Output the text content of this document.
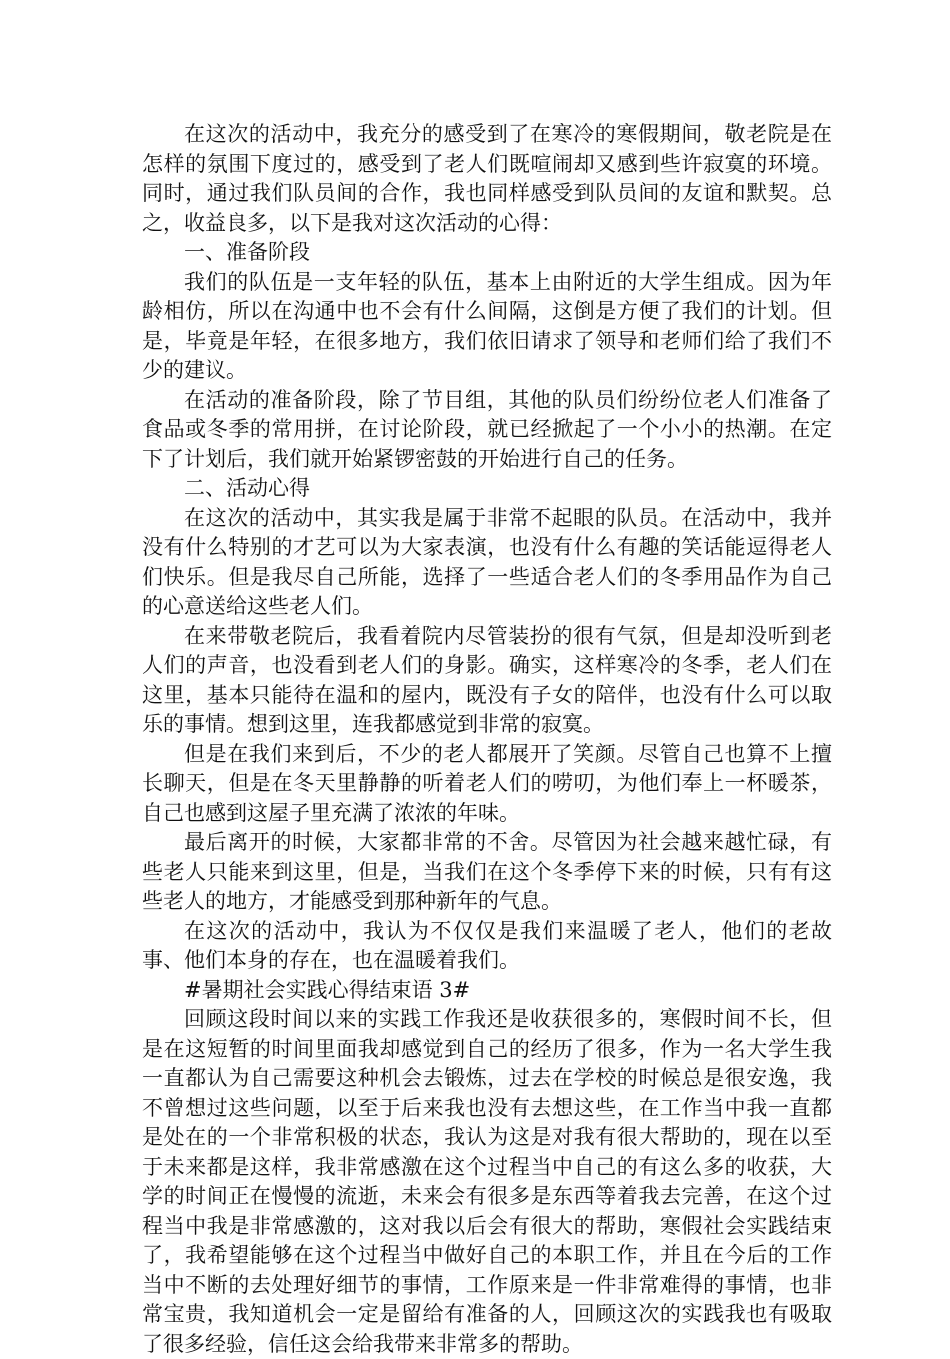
在这次的活动中，我充分的感受到了在寒冷的寒假期间，敬老院是在怎样的氛围下度过的，感受到了老人们既喧闹却又感到些许寂寞的环境。同时，通过我们队员间的合作，我也同样感受到队员间的友谊和默契。总之，收益良多，以下是我对这次活动的心得：

一、准备阶段

我们的队伍是一支年轻的队伍，基本上由附近的大学生组成。因为年龄相仿，所以在沟通中也不会有什么间隔，这倒是方便了我们的计划。但是，毕竟是年轻，在很多地方，我们依旧请求了领导和老师们给了我们不少的建议。

在活动的准备阶段，除了节目组，其他的队员们纷纷位老人们准备了食品或冬季的常用拼，在讨论阶段，就已经掀起了一个小小的热潮。在定下了计划后，我们就开始紧锣密鼓的开始进行自己的任务。

二、活动心得

在这次的活动中，其实我是属于非常不起眼的队员。在活动中，我并没有什么特别的才艺可以为大家表演，也没有什么有趣的笑话能逗得老人们快乐。但是我尽自己所能，选择了一些适合老人们的冬季用品作为自己的心意送给这些老人们。

在来带敬老院后，我看着院内尽管装扮的很有气氛，但是却没听到老人们的声音，也没看到老人们的身影。确实，这样寒冷的冬季，老人们在这里，基本只能待在温和的屋内，既没有子女的陪伴，也没有什么可以取乐的事情。想到这里，连我都感觉到非常的寂寞。

但是在我们来到后，不少的老人都展开了笑颜。尽管自己也算不上擅长聊天，但是在冬天里静静的听着老人们的唠叨，为他们奉上一杯暖茶，自己也感到这屋子里充满了浓浓的年味。

最后离开的时候，大家都非常的不舍。尽管因为社会越来越忙碌，有些老人只能来到这里，但是，当我们在这个冬季停下来的时候，只有有这些老人的地方，才能感受到那种新年的气息。

在这次的活动中，我认为不仅仅是我们来温暖了老人，他们的老故事、他们本身的存在，也在温暖着我们。

#暑期社会实践心得结束语 3#

回顾这段时间以来的实践工作我还是收获很多的，寒假时间不长，但是在这短暂的时间里面我却感觉到自己的经历了很多，作为一名大学生我一直都认为自己需要这种机会去锻炼，过去在学校的时候总是很安逸，我不曾想过这些问题，以至于后来我也没有去想这些，在工作当中我一直都是处在的一个非常积极的状态，我认为这是对我有很大帮助的，现在以至于未来都是这样，我非常感激在这个过程当中自己的有这么多的收获，大学的时间正在慢慢的流逝，未来会有很多是东西等着我去完善，在这个过程当中我是非常感激的，这对我以后会有很大的帮助，寒假社会实践结束了，我希望能够在这个过程当中做好自己的本职工作，并且在今后的工作当中不断的去处理好细节的事情，工作原来是一件非常难得的事情，也非常宝贵，我知道机会一定是留给有准备的人，回顾这次的实践我也有吸取了很多经验，信任这会给我带来非常多的帮助。
